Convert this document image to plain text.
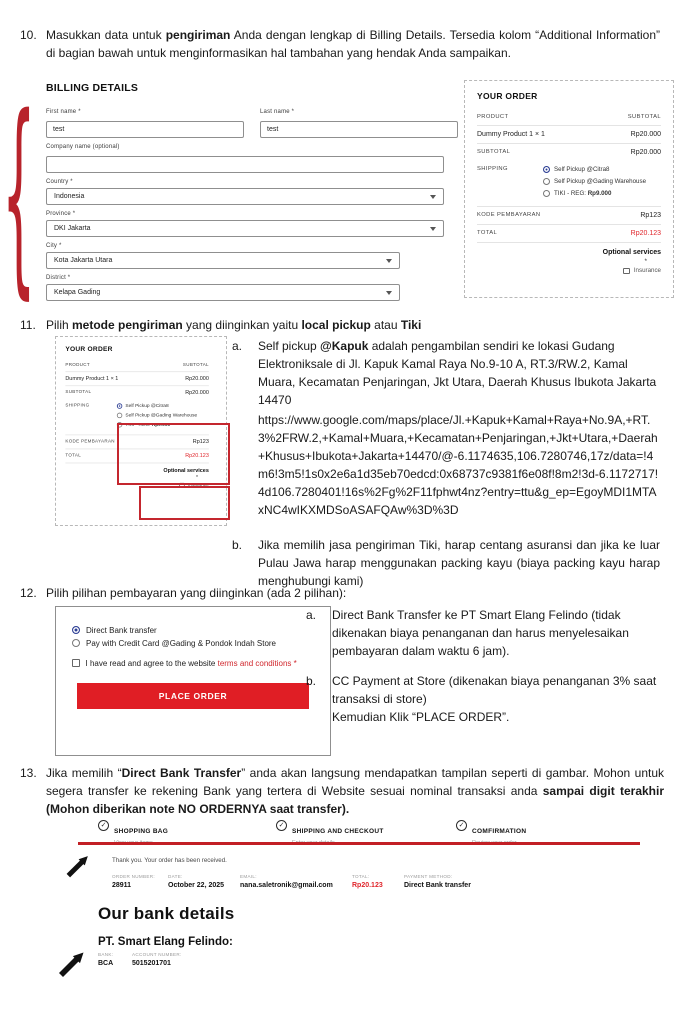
10. Masukkan data untuk pengiriman Anda dengan lengkap di Billing Details. Tersedia kolom “Additional Information” di bagian bawah untuk menginformasikan hal tambahan yang hendak Anda sampaikan.
{ BILLING DETAILS
First name *
test	Last name *
test
Company name (optional)
Country *
Indonesia
Province *
DKI Jakarta
City *
Kota Jakarta Utara
District *
Kelapa Gading
YOUR ORDER
PRODUCT	SUBTOTAL
Dummy Product 1 × 1	Rp20.000
SUBTOTAL	Rp20.000
SHIPPING	Self Pickup @Citra8
Self Pickup @Gading Warehouse
TIKI - REG: Rp9.000
KODE PEMBAYARAN	Rp123
TOTAL	Rp20.123
Optional services
*
Insurance
11. Pilih metode pengiriman yang diinginkan yaitu local pickup atau Tiki
YOUR ORDER
PRODUCT	SUBTOTAL
Dummy Product 1 × 1	Rp20.000
SUBTOTAL	Rp20.000
SHIPPING	Self Pickup @Citra8
Self Pickup @Gading Warehouse
TIKI - REG: Rp9.000
KODE PEMBAYARAN	Rp123
TOTAL	Rp20.123
Optional services
*
Insurance
a.	Self pickup @Kapuk adalah pengambilan sendiri ke lokasi Gudang Elektroniksale di Jl. Kapuk Kamal Raya No.9-10 A, RT.3/RW.2, Kamal Muara, Kecamatan Penjaringan, Jkt Utara, Daerah Khusus Ibukota Jakarta 14470
https://www.google.com/maps/place/Jl.+Kapuk+Kamal+Raya+No.9A,+RT.3%2FRW.2,+Kamal+Muara,+Kecamatan+Penjaringan,+Jkt+Utara,+Daerah+Khusus+Ibukota+Jakarta+14470/@-6.1174635,106.7280746,17z/data=!4m6!3m5!1s0x2e6a1d35eb70edcd:0x68737c9381f6e08f!8m2!3d-6.1172717!4d106.7280401!16s%2Fg%2F11fphwt4nz?entry=ttu&g_ep=EgoyMDI1MTAxNC4wIKXMDSoASAFQAw%3D%3D
b.	Jika memilih jasa pengiriman Tiki, harap centang asuransi dan jika ke luar Pulau Jawa harap menggunakan packing kayu (biaya packing kayu harap menghubungi kami)
12. Pilih pilihan pembayaran yang diinginkan (ada 2 pilihan):
Direct Bank transfer
Pay with Credit Card @Gading & Pondok Indah Store
I have read and agree to the website terms and conditions *
PLACE ORDER
a.	Direct Bank Transfer ke PT Smart Elang Felindo (tidak dikenakan biaya penanganan dan harus menyelesaikan pembayaran dalam waktu 6 jam).
b.	CC Payment at Store (dikenakan biaya penanganan 3% saat transaksi di store)
Kemudian Klik “PLACE ORDER”.
13. Jika memilih “Direct Bank Transfer” anda akan langsung mendapatkan tampilan seperti di gambar. Mohon untuk segera transfer ke rekening Bank yang tertera di Website sesuai nominal transaksi anda sampai digit terakhir (Mohon diberikan note NO ORDERNYA saat transfer).
✓
SHOPPING BAG
✓
SHIPPING AND CHECKOUT
✓
COMFIRMATION
Thank you. Your order has been received.
ORDER NUMBER:
28911
DATE:
October 22, 2025
EMAIL:
nana.saletronik@gmail.com
TOTAL:
Rp20.123
PAYMENT METHOD:
Direct Bank transfer
Our bank details
PT. Smart Elang Felindo:
BANK:
BCA
ACCOUNT NUMBER:
5015201701
